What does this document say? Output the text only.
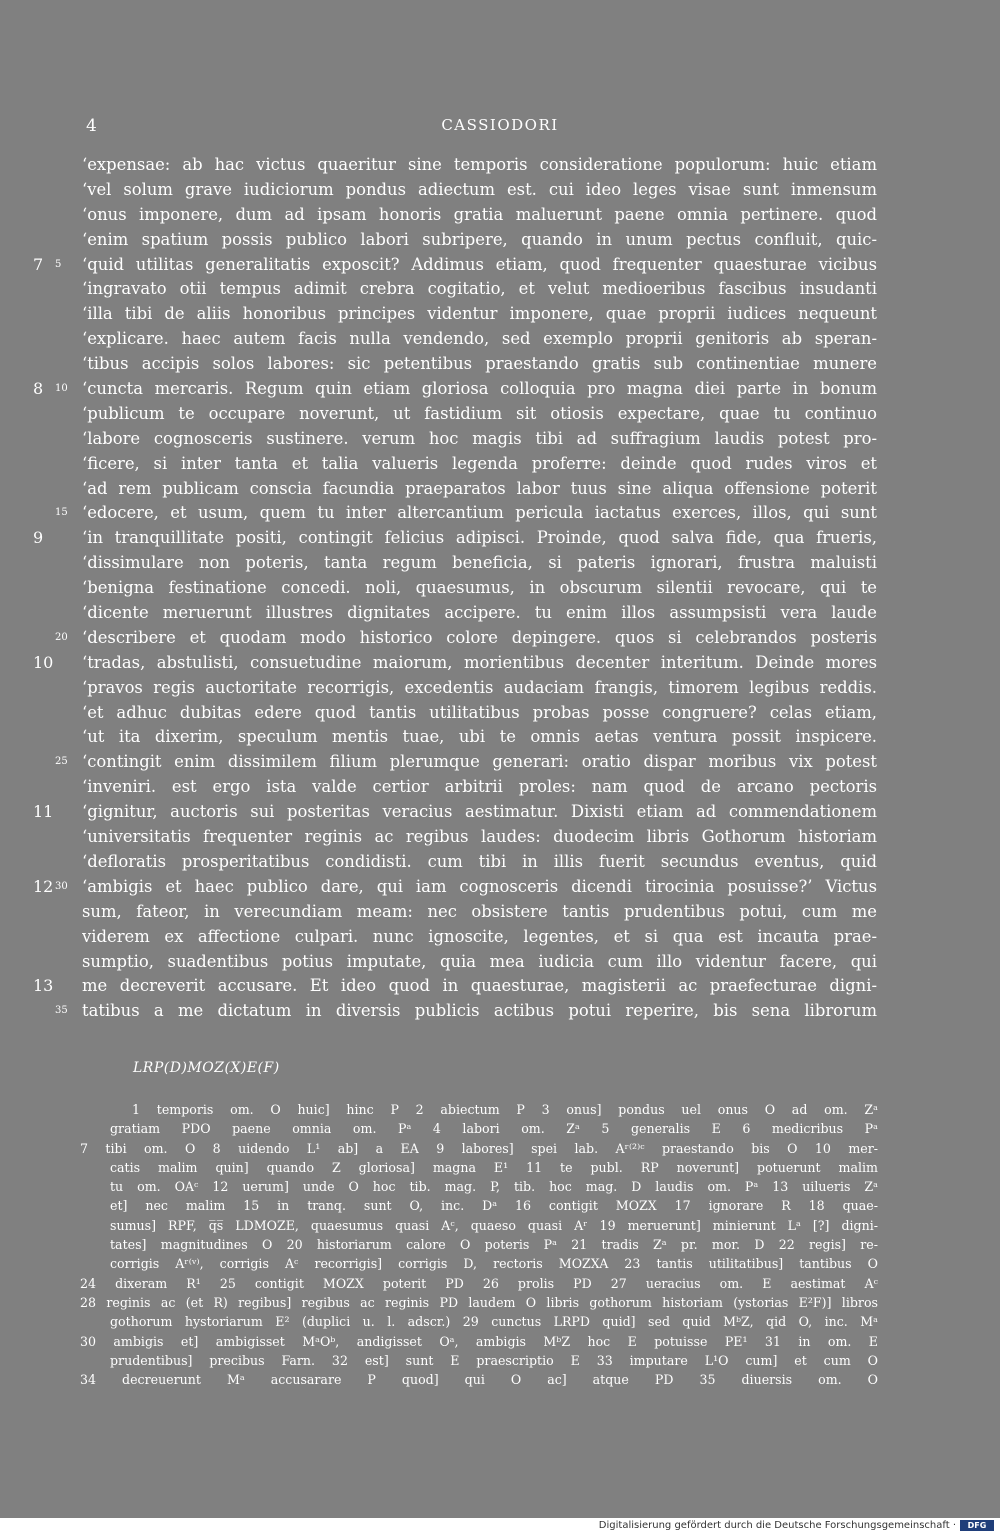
4	CASSIODORI
‘expensae: ab hac victus quaeritur sine temporis consideratione populorum: huic etiam
‘vel solum grave iudiciorum pondus adiectum est. cui ideo leges visae sunt inmensum
‘onus imponere, dum ad ipsam honoris gratia maluerunt paene omnia pertinere. quod
‘enim spatium possis publico labori subripere, quando in unum pectus confluit, quic-
7	5	‘quid utilitas generalitatis exposcit? Addimus etiam, quod frequenter quaesturae vicibus
‘ingravato otii tempus adimit crebra cogitatio, et velut medioeribus fascibus insudanti
‘illa tibi de aliis honoribus principes videntur imponere, quae proprii iudices nequeunt
‘explicare. haec autem facis nulla vendendo, sed exemplo proprii genitoris ab speran-
‘tibus accipis solos labores: sic petentibus praestando gratis sub continentiae munere
8	10 ‘cuncta mercaris. Regum quin etiam gloriosa colloquia pro magna diei parte in bonum
‘publicum te occupare noverunt, ut fastidium sit otiosis expectare, quae tu continuo
‘labore cognosceris sustinere. verum hoc magis tibi ad suffragium laudis potest pro-
‘ficere, si inter tanta et talia valueris legenda proferre: deinde quod rudes viros et
‘ad rem publicam conscia facundia praeparatos labor tuus sine aliqua offensione poterit
15 ‘edocere, et usum, quem tu inter altercantium pericula iactatus exerces, illos, qui sunt
9	‘in tranquillitate positi, contingit felicius adipisci. Proinde, quod salva fide, qua frueris,
‘dissimulare non poteris, tanta regum beneficia, si pateris ignorari, frustra maluisti
‘benigna festinatione concedi. noli, quaesumus, in obscurum silentii revocare, qui te
‘dicente meruerunt illustres dignitates accipere. tu enim illos assumpsisti vera laude
20 ‘describere et quodam modo historico colore depingere. quos si celebrandos posteris
10 ‘tradas, abstulisti, consuetudine maiorum, morientibus decenter interitum. Deinde mores
‘pravos regis auctoritate recorrigis, excedentis audaciam frangis, timorem legibus reddis.
‘et adhuc dubitas edere quod tantis utilitatibus probas posse congruere? celas etiam,
‘ut ita dixerim, speculum mentis tuae, ubi te omnis aetas ventura possit inspicere.
25 ‘contingit enim dissimilem filium plerumque generari: oratio dispar moribus vix potest
‘inveniri. est ergo ista valde certior arbitrii proles: nam quod de arcano pectoris
11 ‘gignitur, auctoris sui posteritas veracius aestimatur. Dixisti etiam ad commendationem
‘universitatis frequenter reginis ac regibus laudes: duodecim libris Gothorum historiam
‘defloratis prosperitatibus condidisti. cum tibi in illis fuerit secundus eventus, quid
12 30 ‘ambigis et haec publico dare, qui iam cognosceris dicendi tirocinia posuisse?’ Victus
sum, fateor, in verecundiam meam: nec obsistere tantis prudentibus potui, cum me
viderem ex affectione culpari. nunc ignoscite, legentes, et si qua est incauta prae-
sumptio, suadentibus potius imputate, quia mea iudicia cum illo videntur facere, qui
13 me decreverit accusare. Et ideo quod in quaesturae, magisterii ac praefecturae digni-
35 tatibus a me dictatum in diversis publicis actibus potui reperire, bis sena librorum
LRP(D)MOZ(X)E(F)
1 temporis om. O huic] hinc P 2 abiectum P 3 onus] pondus uel onus O ad om. Zᵃ
gratiam PDO paene omnia om. Pᵃ 4 labori om. Zᵃ 5 generalis E 6 medicribus Pᵃ
7 tibi om. O 8 uidendo L¹ ab] a EA 9 labores] spei lab. Aʳ⁽²⁾ᶜ praestando bis O 10 mer-
catis malim quin] quando Z gloriosa] magna E¹ 11 te publ. RP noverunt] potuerunt malim
tu om. OAᶜ 12 uerum] unde O hoc tib. mag. P, tib. hoc mag. D laudis om. Pᵃ 13 uilueris Zᵃ
et] nec malim 15 in tranq. sunt O, inc. Dᵃ 16 contigit MOZX 17 ignorare R 18 quae-
sumus] RPF, q̅s̅ LDMOZE, quaesumus quasi Aᶜ, quaeso quasi Aʳ 19 meruerunt] minierunt Lᵃ [?] digni-
tates] magnitudines O 20 historiarum calore O poteris Pᵃ 21 tradis Zᵃ pr. mor. D 22 regis] re-
corrigis Aʳ⁽ᵛ⁾, corrigis Aᶜ recorrigis] corrigis D, rectoris MOZXA 23 tantis utilitatibus] tantibus O
24 dixeram R¹ 25 contigit MOZX poterit PD 26 prolis PD 27 ueracius om. E aestimat Aᶜ
28 reginis ac (et R) regibus] regibus ac reginis PD laudem O libris gothorum historiam (ystorias E²F)] libros
gothorum hystoriarum E² (duplici u. l. adscr.) 29 cunctus LRPD quid] sed quid MᵇZ, qid O, inc. Mᵃ
30 ambigis et] ambigisset MᵃOᵇ, andigisset Oᵃ, ambigis MᵇZ hoc E potuisse PE¹ 31 in om. E
prudentibus] precibus Farn. 32 est] sunt E praescriptio E 33 imputare L¹O cum] et cum O
34 decreuerunt Mᵃ accusarare P quod] qui O ac] atque PD 35 diuersis om. O
Digitalisierung gefördert durch die Deutsche Forschungsgemeinschaft ·	DFG
